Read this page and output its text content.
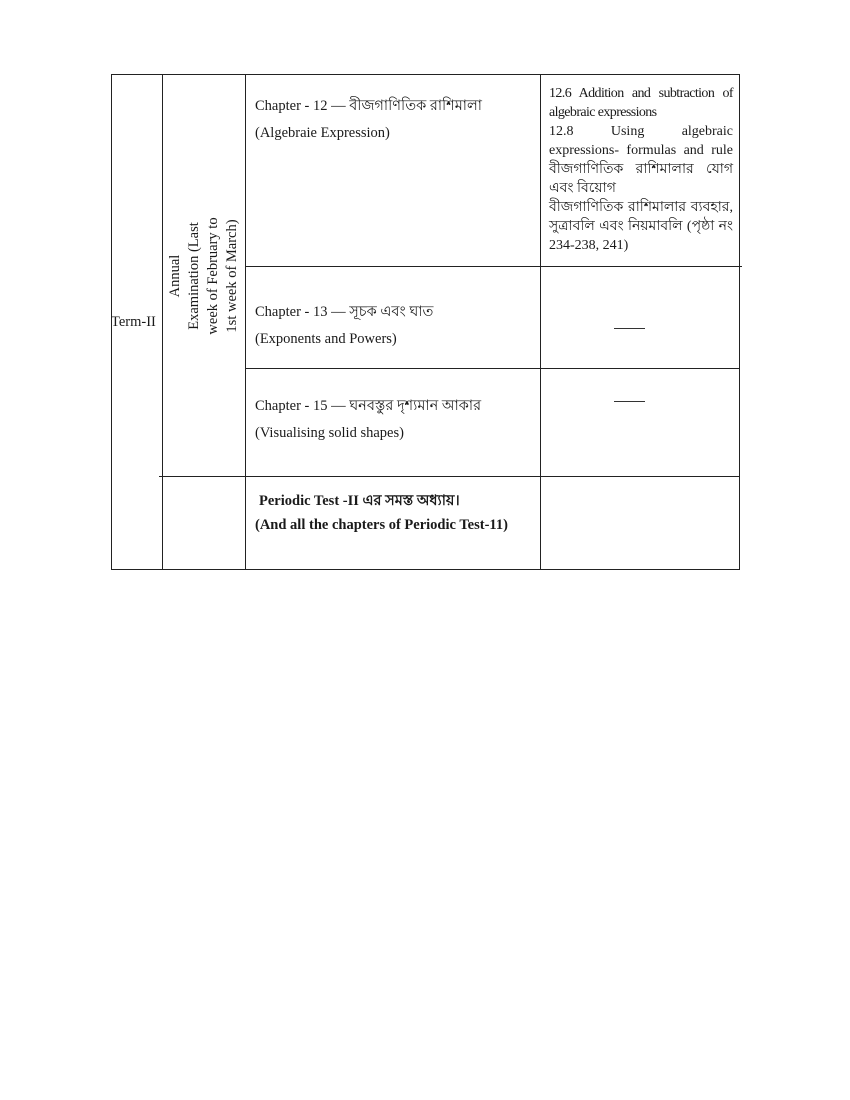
Term-II
Annual Examination (Last week of February to 1st week of March)
Chapter - 12 — বীজগাণিতিক রাশিমালা
(Algebraie Expression)

12.6 Addition and subtraction of algebraic expressions

12.8 Using algebraic expressions- formulas and rule

বীজগাণিতিক রাশিমালার যোগ এবং বিয়োগ

বীজগাণিতিক রাশিমালার ব্যবহার, সুত্রাবলি এবং নিয়মাবলি (পৃষ্ঠা নং 234-238, 241)

Chapter - 13 — সূচক এবং ঘাত
(Exponents and Powers)
Chapter - 15 — ঘনবস্তুর দৃশ্যমান আকার
(Visualising solid shapes)
Periodic Test -II এর সমস্ত অধ্যায়।
(And all the chapters of Periodic Test-11)
